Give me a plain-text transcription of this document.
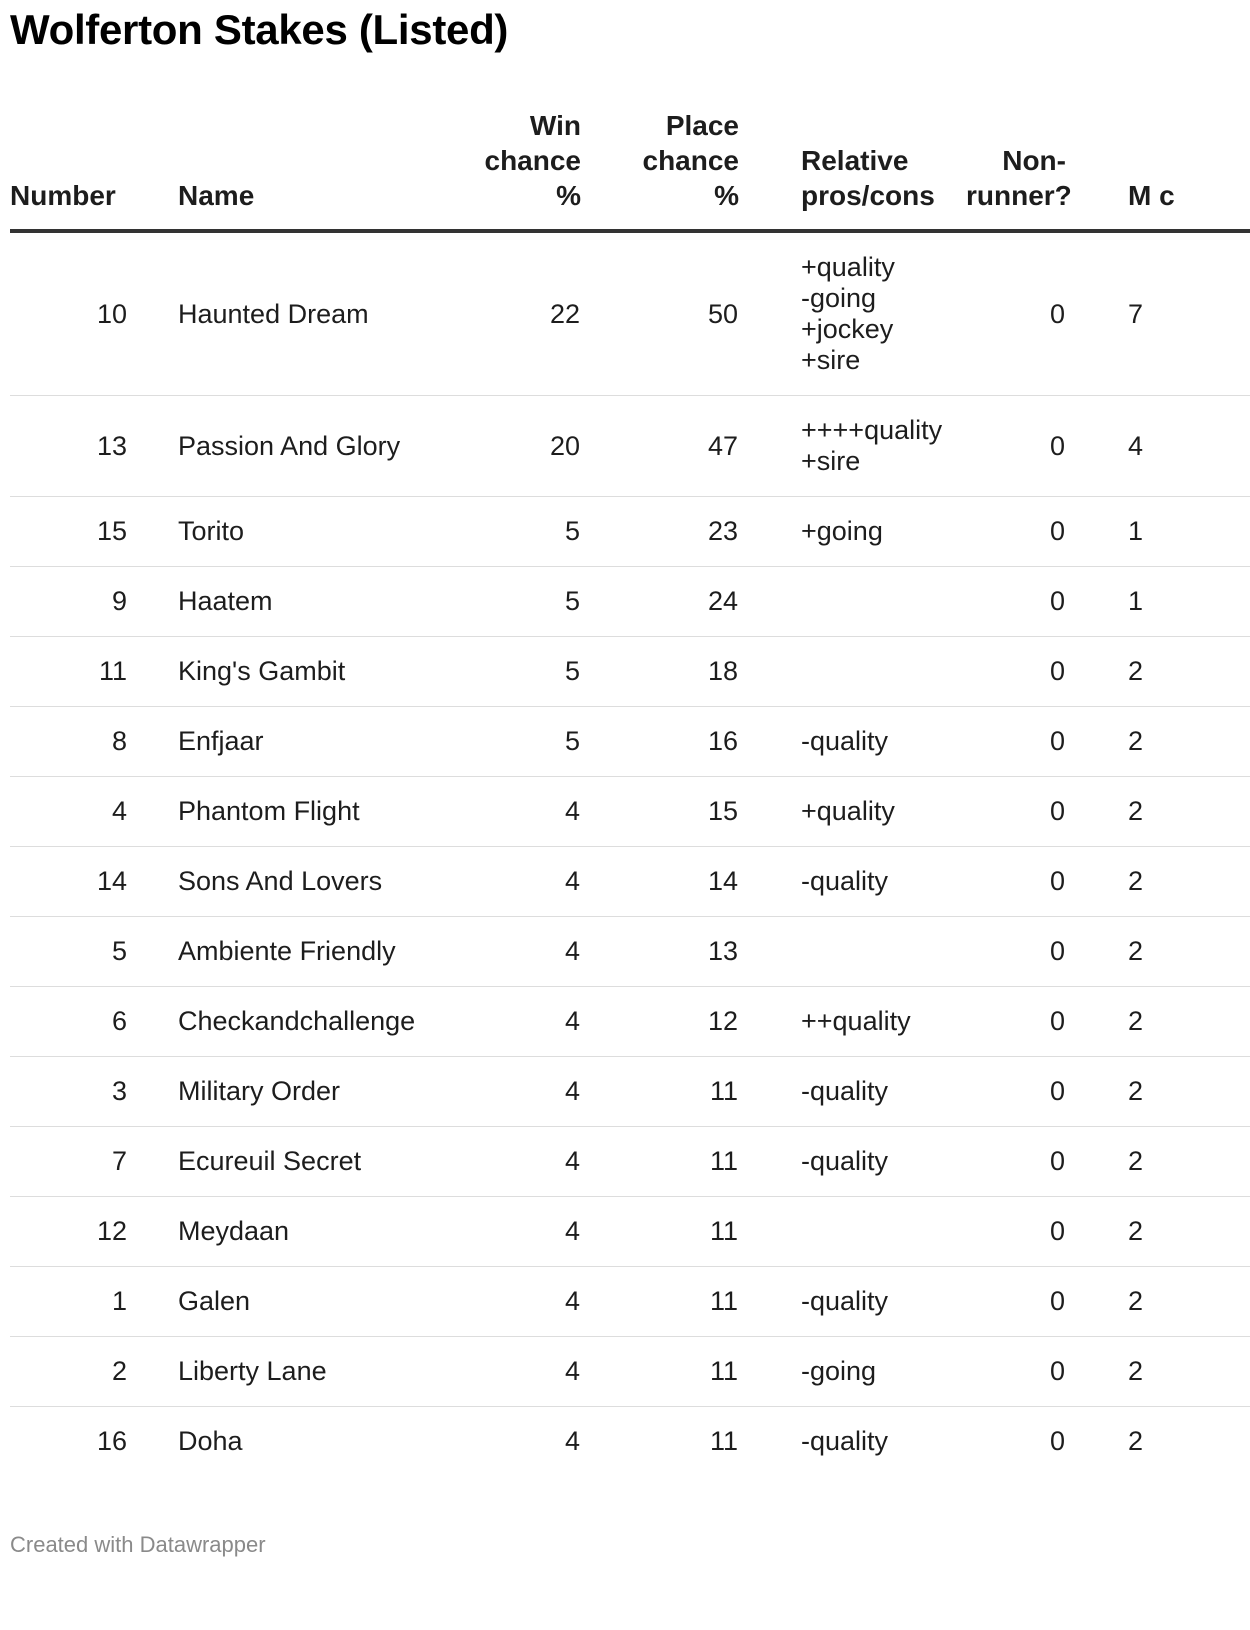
Wolferton Stakes (Listed)
Number	Name	Win chance %	Place chance %	Relative pros/cons	Non-runner?	M c
10	Haunted Dream	22	50	+quality
-going
+jockey
+sire	0	7
13	Passion And Glory	20	47	++++quality
+sire	0	4
15	Torito	5	23	+going	0	1
9	Haatem	5	24		0	1
11	King's Gambit	5	18		0	2
8	Enfjaar	5	16	-quality	0	2
4	Phantom Flight	4	15	+quality	0	2
14	Sons And Lovers	4	14	-quality	0	2
5	Ambiente Friendly	4	13		0	2
6	Checkandchallenge	4	12	++quality	0	2
3	Military Order	4	11	-quality	0	2
7	Ecureuil Secret	4	11	-quality	0	2
12	Meydaan	4	11		0	2
1	Galen	4	11	-quality	0	2
2	Liberty Lane	4	11	-going	0	2
16	Doha	4	11	-quality	0	2
Created with Datawrapper
